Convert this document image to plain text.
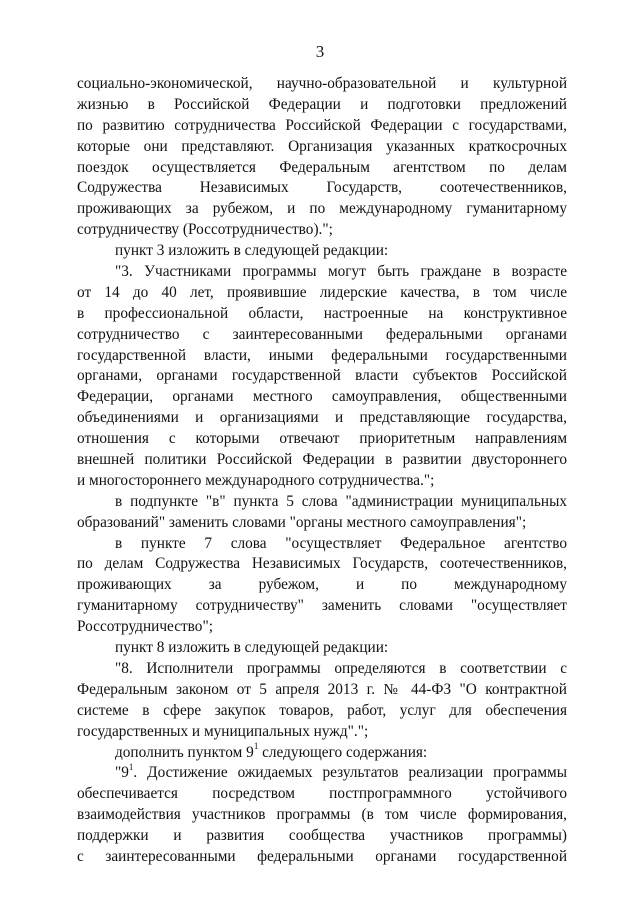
3
социально-экономической, научно-образовательной и культурной
жизнью в Российской Федерации и подготовки предложений
по развитию сотрудничества Российской Федерации с государствами,
которые они представляют. Организация указанных краткосрочных
поездок осуществляется Федеральным агентством по делам
Содружества Независимых Государств, соотечественников,
проживающих за рубежом, и по международному гуманитарному
сотрудничеству (Россотрудничество).";
пункт 3 изложить в следующей редакции:
"3. Участниками программы могут быть граждане в возрасте
от 14 до 40 лет, проявившие лидерские качества, в том числе
в профессиональной области, настроенные на конструктивное
сотрудничество с заинтересованными федеральными органами
государственной власти, иными федеральными государственными
органами, органами государственной власти субъектов Российской
Федерации, органами местного самоуправления, общественными
объединениями и организациями и представляющие государства,
отношения с которыми отвечают приоритетным направлениям
внешней политики Российской Федерации в развитии двустороннего
и многостороннего международного сотрудничества.";
в подпункте "в" пункта 5 слова "администрации муниципальных
образований" заменить словами "органы местного самоуправления";
в пункте 7 слова "осуществляет Федеральное агентство
по делам Содружества Независимых Государств, соотечественников,
проживающих за рубежом, и по международному
гуманитарному сотрудничеству" заменить словами "осуществляет
Россотрудничество";
пункт 8 изложить в следующей редакции:
"8. Исполнители программы определяются в соответствии с
Федеральным законом от 5 апреля 2013 г. № 44-ФЗ "О контрактной
системе в сфере закупок товаров, работ, услуг для обеспечения
государственных и муниципальных нужд".";
дополнить пунктом $9^1$ следующего содержания:
"$9^1$. Достижение ожидаемых результатов реализации программы
обеспечивается посредством постпрограммного устойчивого
взаимодействия участников программы (в том числе формирования,
поддержки и развития сообщества участников программы)
с заинтересованными федеральными органами государственной
